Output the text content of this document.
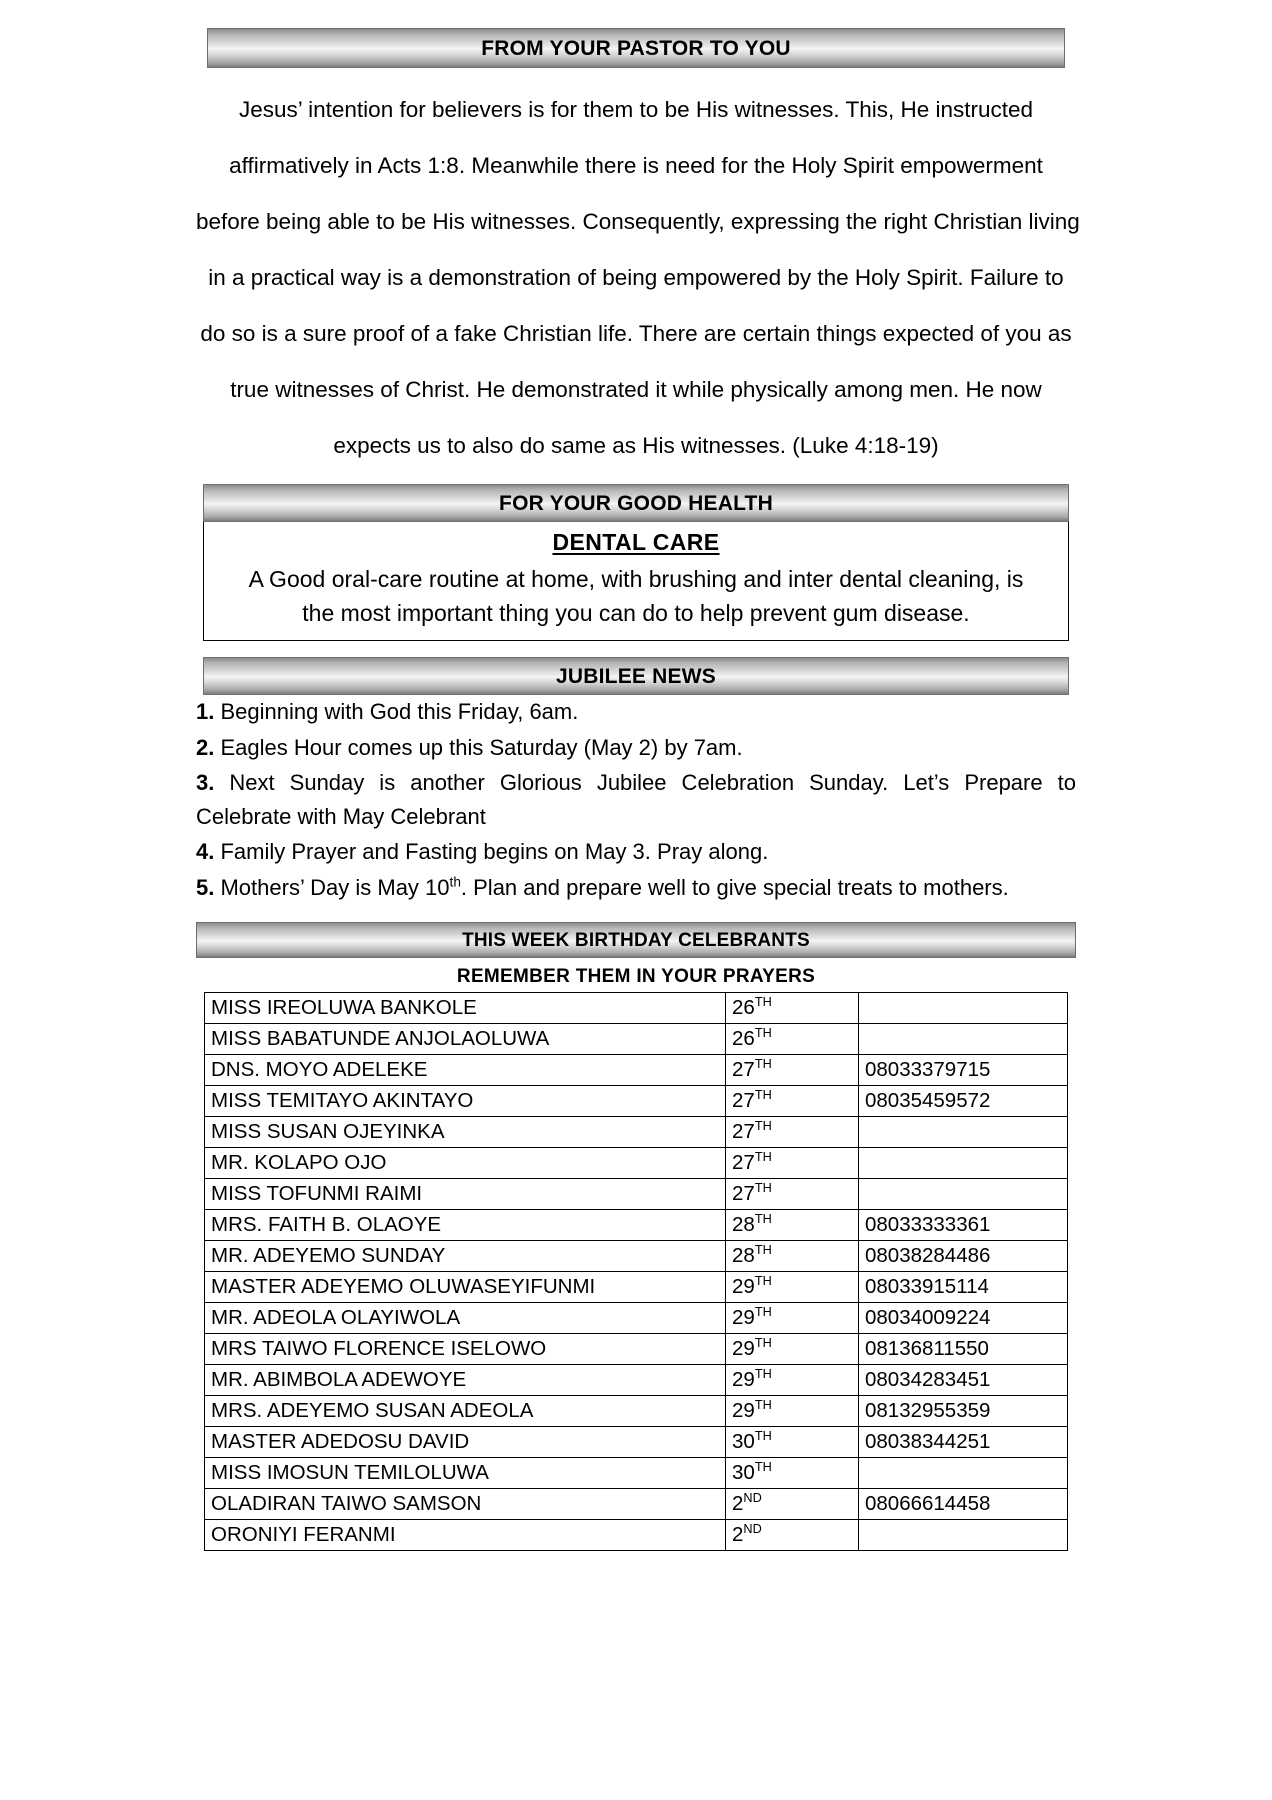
FROM YOUR PASTOR TO YOU
Jesus’ intention for believers is for them to be His witnesses. This, He instructed
affirmatively in Acts 1:8. Meanwhile there is need for the Holy Spirit empowerment
before being able to be His witnesses. Consequently, expressing the right Christian living
in a practical way is a demonstration of being empowered by the Holy Spirit. Failure to
do so is a sure proof of a fake Christian life. There are certain things expected of you as
true witnesses of Christ. He demonstrated it while physically among men. He now
expects us to also do same as His witnesses. (Luke 4:18-19)
FOR YOUR GOOD HEALTH
DENTAL CARE
A Good oral-care routine at home, with brushing and inter dental cleaning, is the most important thing you can do to help prevent gum disease.
JUBILEE NEWS
1. Beginning with God this Friday, 6am.
2. Eagles Hour comes up this Saturday (May 2) by 7am.
3. Next Sunday is another Glorious Jubilee Celebration Sunday. Let’s Prepare to Celebrate with May Celebrant
4. Family Prayer and Fasting begins on May 3. Pray along.
5. Mothers’ Day is May 10th. Plan and prepare well to give special treats to mothers.
THIS WEEK BIRTHDAY CELEBRANTS
REMEMBER THEM IN YOUR PRAYERS
MISS IREOLUWA BANKOLE	26TH	
MISS BABATUNDE ANJOLAOLUWA	26TH	
DNS. MOYO ADELEKE	27TH	08033379715
MISS TEMITAYO AKINTAYO	27TH	08035459572
MISS SUSAN OJEYINKA	27TH	
MR. KOLAPO OJO	27TH	
MISS TOFUNMI RAIMI	27TH	
MRS. FAITH B. OLAOYE	28TH	08033333361
MR. ADEYEMO SUNDAY	28TH	08038284486
MASTER ADEYEMO OLUWASEYIFUNMI	29TH	08033915114
MR. ADEOLA OLAYIWOLA	29TH	08034009224
MRS TAIWO FLORENCE ISELOWO	29TH	08136811550
MR. ABIMBOLA ADEWOYE	29TH	08034283451
MRS. ADEYEMO SUSAN ADEOLA	29TH	08132955359
MASTER ADEDOSU DAVID	30TH	08038344251
MISS IMOSUN TEMILOLUWA	30TH	
OLADIRAN TAIWO SAMSON	2ND	08066614458
ORONIYI FERANMI	2ND	
